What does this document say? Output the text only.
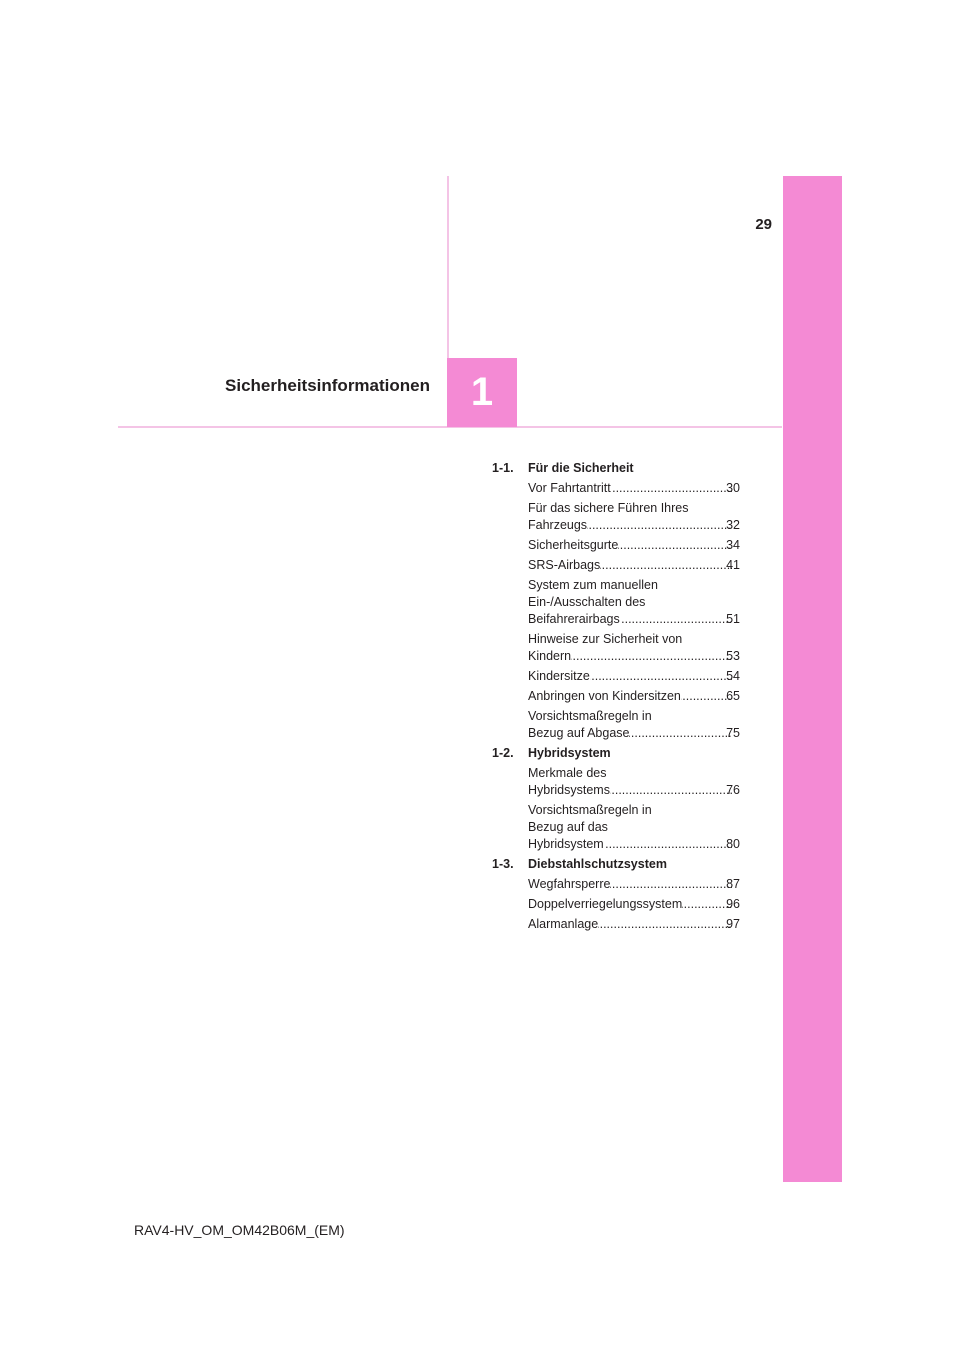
29
Sicherheitsinformationen 1
1-1.	Für die Sicherheit
Vor Fahrtantritt .....	30
Für das sichere Führen Ihres
Fahrzeugs .....	32
Sicherheitsgurte .....	34
SRS-Airbags .....	41
System zum manuellen
Ein-/Ausschalten des
Beifahrerairbags .....	51
Hinweise zur Sicherheit von
Kindern .....	53
Kindersitze .....	54
Anbringen von Kindersitzen .....	65
Vorsichtsmaßregeln in
Bezug auf Abgase .....	75
1-2.	Hybridsystem
Merkmale des
Hybridsystems .....	76
Vorsichtsmaßregeln in
Bezug auf das
Hybridsystem .....	80
1-3.	Diebstahlschutzsystem
Wegfahrsperre .....	87
Doppelverriegelungssystem .....	96
Alarmanlage .....	97
RAV4-HV_OM_OM42B06M_(EM)
